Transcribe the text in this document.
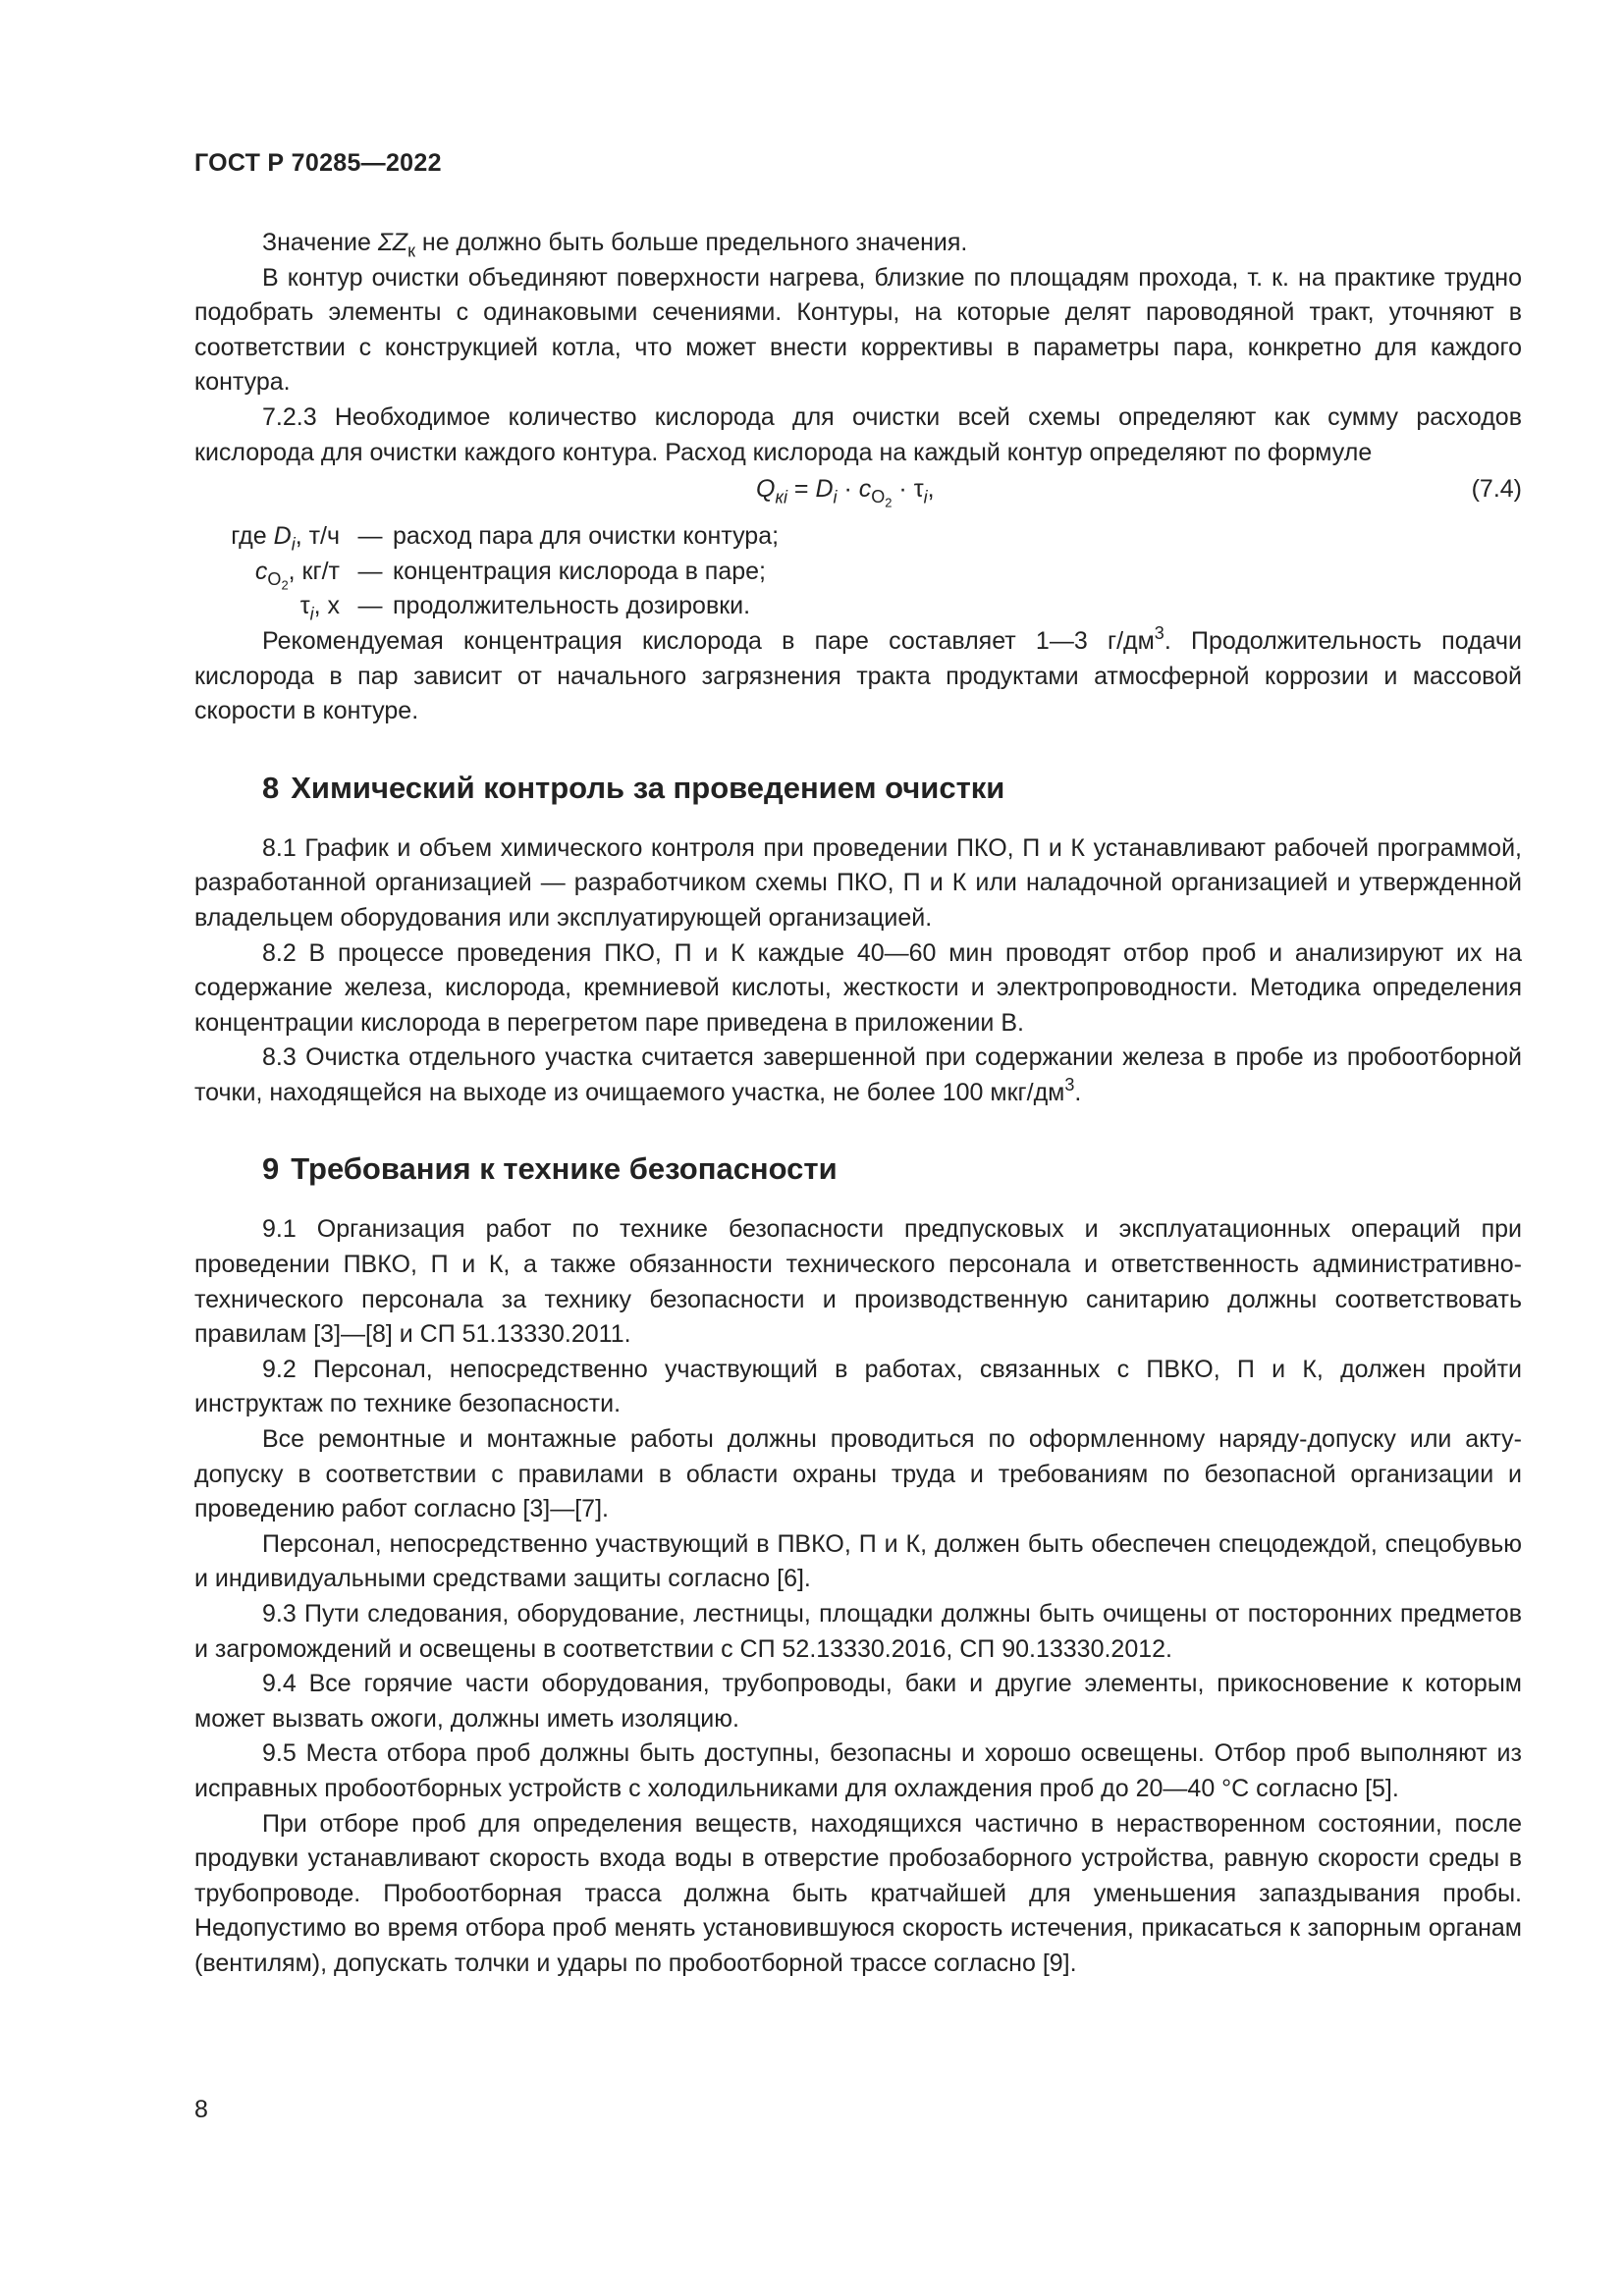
ГОСТ Р 70285—2022

Значение $\Sigma Z_к$ не должно быть больше предельного значения.

В контур очистки объединяют поверхности нагрева, близкие по площадям прохода, т. к. на практике трудно подобрать элементы с одинаковыми сечениями. Контуры, на которые делят пароводяной тракт, уточняют в соответствии с конструкцией котла, что может внести коррективы в параметры пара, конкретно для каждого контура.

7.2.3 Необходимое количество кислорода для очистки всей схемы определяют как сумму расходов кислорода для очистки каждого контура. Расход кислорода на каждый контур определяют по формуле

$Q_{кi} = D_i \cdot c_{O_2} \cdot \tau_i$,	(7.4)
где $D_i$, т/ч — расход пара для очистки контура;
$c_{O_2}$, кг/т — концентрация кислорода в паре;
$\tau_i$, х — продолжительность дозировки.

Рекомендуемая концентрация кислорода в паре составляет 1—3 $г/дм^3$. Продолжительность подачи кислорода в пар зависит от начального загрязнения тракта продуктами атмосферной коррозии и массовой скорости в контуре.

8 Химический контроль за проведением очистки

8.1 График и объем химического контроля при проведении ПКО, П и К устанавливают рабочей программой, разработанной организацией — разработчиком схемы ПКО, П и К или наладочной организацией и утвержденной владельцем оборудования или эксплуатирующей организацией.

8.2 В процессе проведения ПКО, П и К каждые 40—60 мин проводят отбор проб и анализируют их на содержание железа, кислорода, кремниевой кислоты, жесткости и электропроводности. Методика определения концентрации кислорода в перегретом паре приведена в приложении В.

8.3 Очистка отдельного участка считается завершенной при содержании железа в пробе из пробоотборной точки, находящейся на выходе из очищаемого участка, не более 100 мкг/$дм^3$.

9 Требования к технике безопасности

9.1 Организация работ по технике безопасности предпусковых и эксплуатационных операций при проведении ПВКО, П и К, а также обязанности технического персонала и ответственность административно-технического персонала за технику безопасности и производственную санитарию должны соответствовать правилам [3]—[8] и СП 51.13330.2011.

9.2 Персонал, непосредственно участвующий в работах, связанных с ПВКО, П и К, должен пройти инструктаж по технике безопасности.

Все ремонтные и монтажные работы должны проводиться по оформленному наряду-допуску или акту-допуску в соответствии с правилами в области охраны труда и требованиям по безопасной организации и проведению работ согласно [3]—[7].

Персонал, непосредственно участвующий в ПВКО, П и К, должен быть обеспечен спецодеждой, спецобувью и индивидуальными средствами защиты согласно [6].

9.3 Пути следования, оборудование, лестницы, площадки должны быть очищены от посторонних предметов и загромождений и освещены в соответствии с СП 52.13330.2016, СП 90.13330.2012.

9.4 Все горячие части оборудования, трубопроводы, баки и другие элементы, прикосновение к которым может вызвать ожоги, должны иметь изоляцию.

9.5 Места отбора проб должны быть доступны, безопасны и хорошо освещены. Отбор проб выполняют из исправных пробоотборных устройств с холодильниками для охлаждения проб до 20—40 °С согласно [5].

При отборе проб для определения веществ, находящихся частично в нерастворенном состоянии, после продувки устанавливают скорость входа воды в отверстие пробозаборного устройства, равную скорости среды в трубопроводе. Пробоотборная трасса должна быть кратчайшей для уменьшения запаздывания пробы. Недопустимо во время отбора проб менять установившуюся скорость истечения, прикасаться к запорным органам (вентилям), допускать толчки и удары по пробоотборной трассе согласно [9].

8
